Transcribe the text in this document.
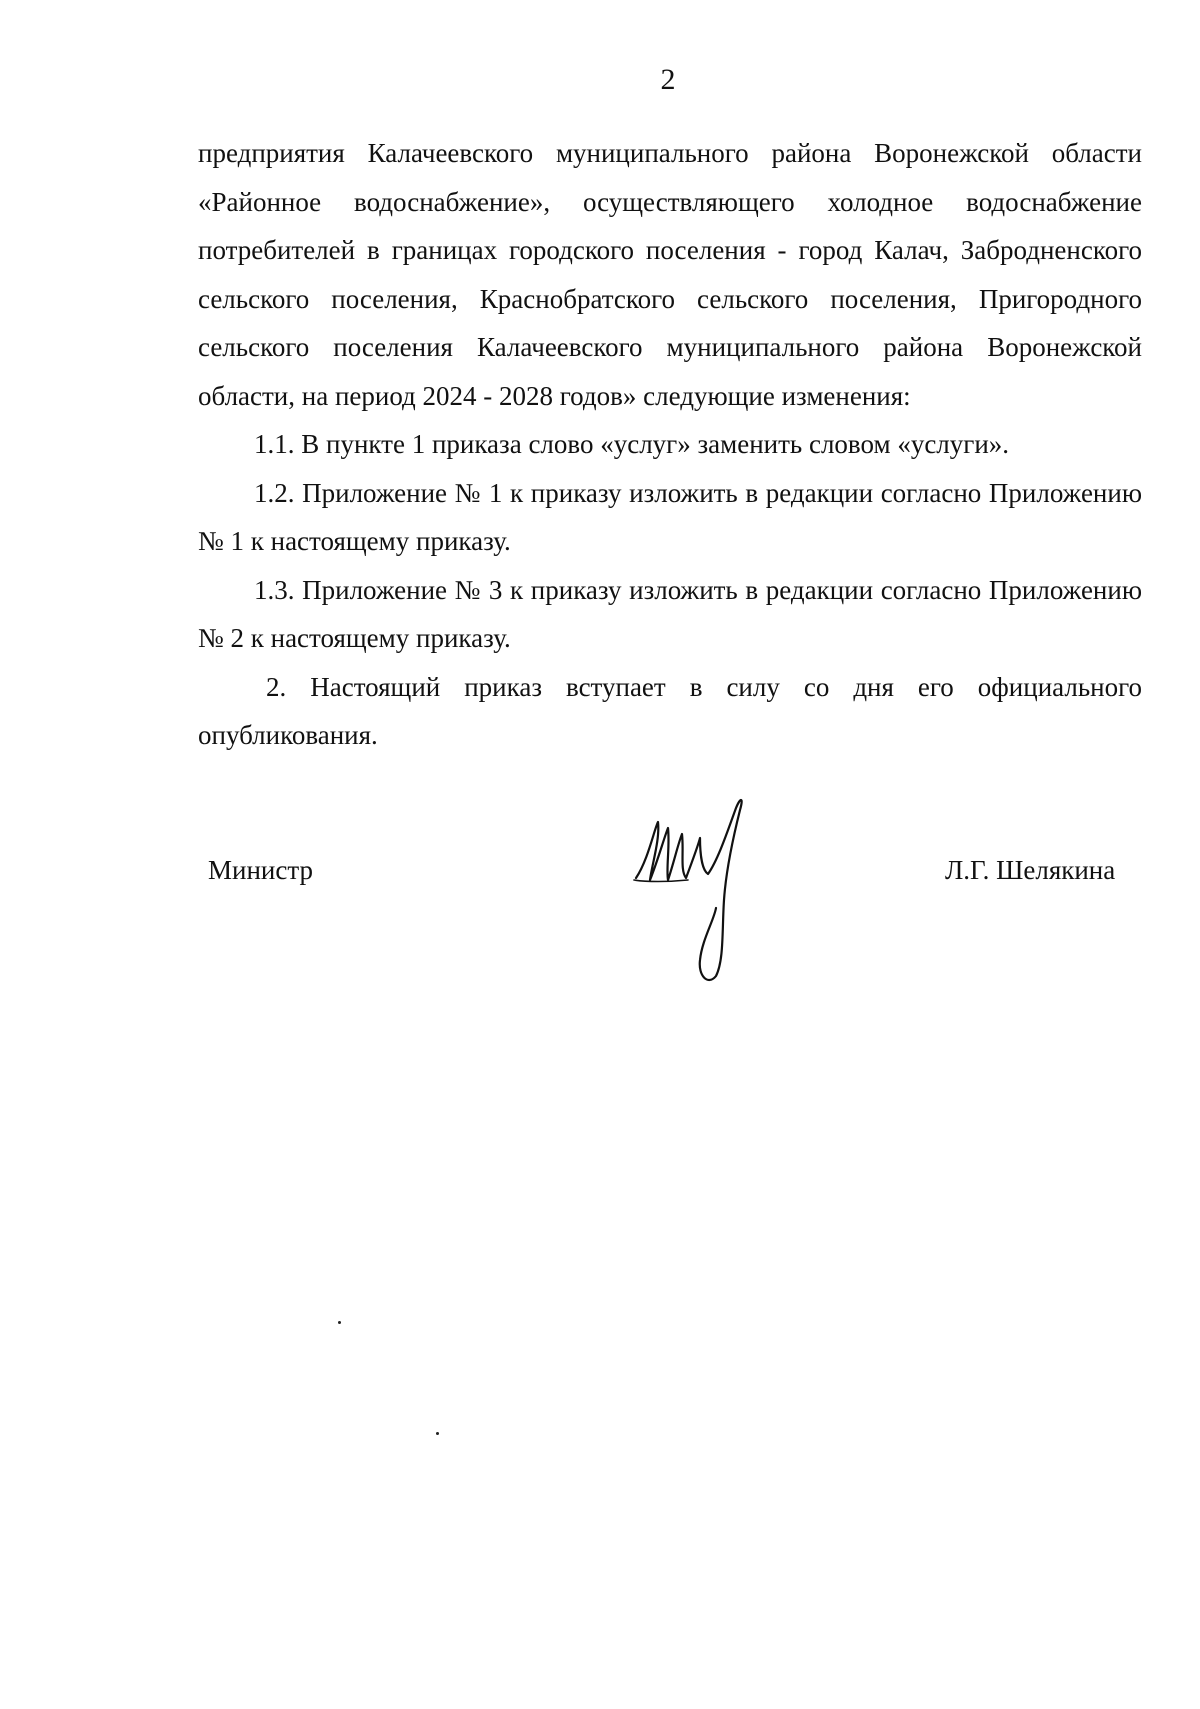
2

предприятия Калачеевского муниципального района Воронежской области «Районное водоснабжение», осуществляющего холодное водоснабжение потребителей в границах городского поселения - город Калач, Забродненского сельского поселения, Краснобратского сельского поселения, Пригородного сельского поселения Калачеевского муниципального района Воронежской области, на период 2024 - 2028 годов» следующие изменения:

1.1. В пункте 1 приказа слово «услуг» заменить словом «услуги».

1.2. Приложение № 1 к приказу изложить в редакции согласно Приложению № 1 к настоящему приказу.

1.3. Приложение № 3 к приказу изложить в редакции согласно Приложению № 2 к настоящему приказу.

2. Настоящий приказ вступает в силу со дня его официального опубликования.

Министр	Л.Г. Шелякина
